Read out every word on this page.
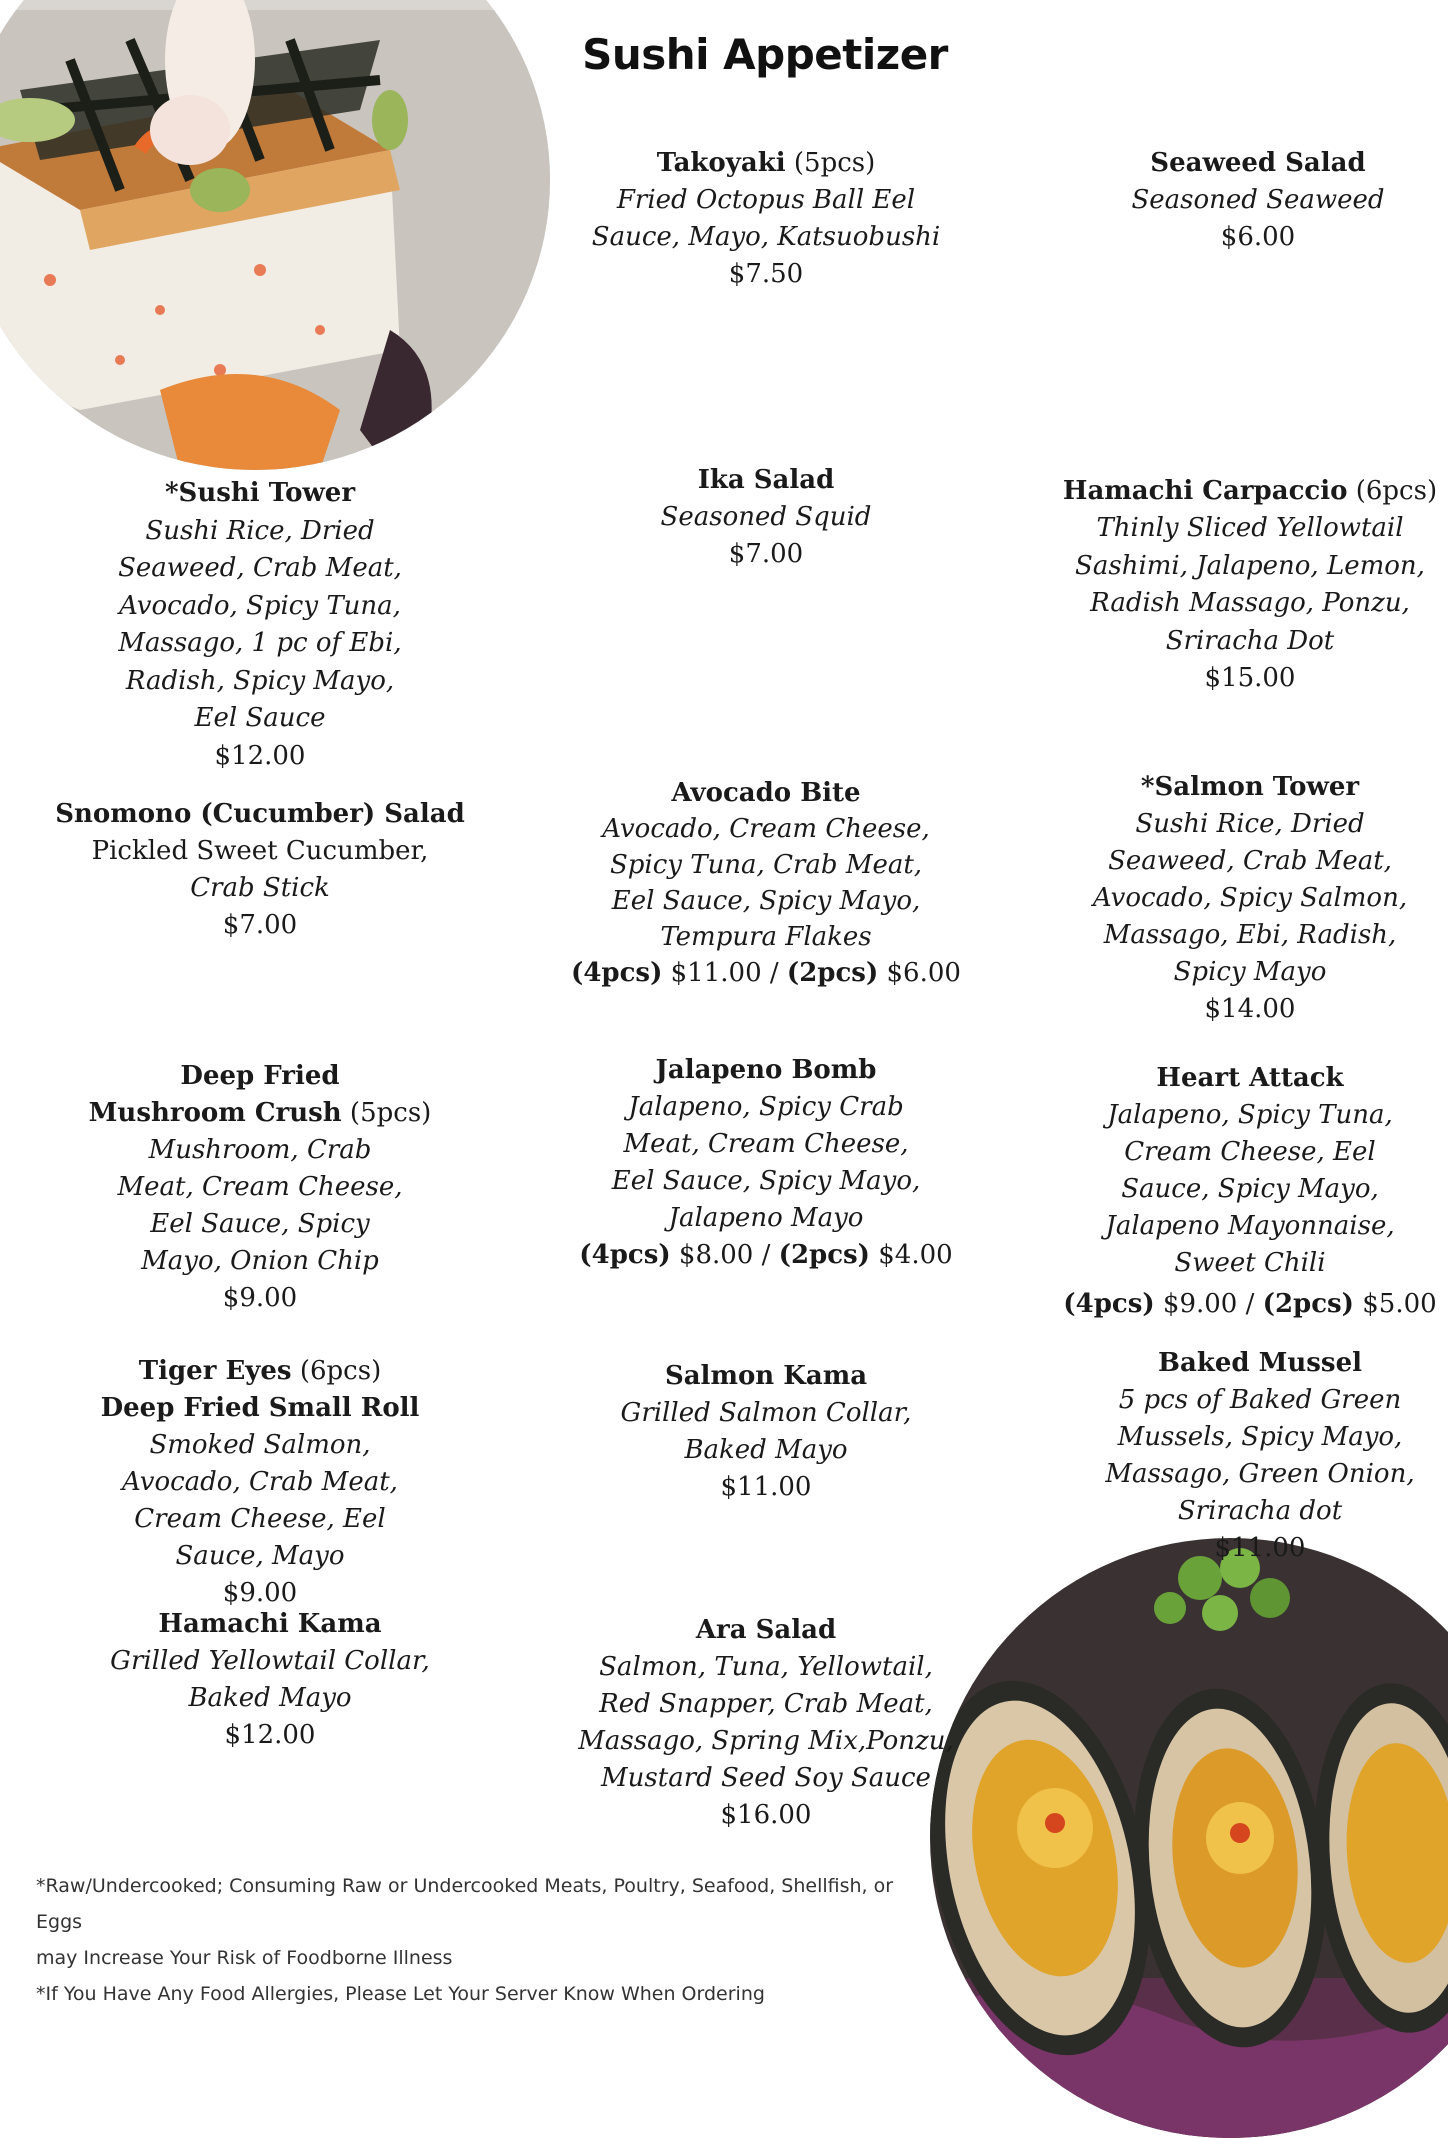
Sushi Appetizer
Takoyaki (5pcs)
Fried Octopus Ball Eel Sauce, Mayo, Katsuobushi
$7.50
Seaweed Salad
Seasoned Seaweed
$6.00
*Sushi Tower
Sushi Rice, Dried Seaweed, Crab Meat, Avocado, Spicy Tuna, Massago, 1 pc of Ebi, Radish, Spicy Mayo, Eel Sauce
$12.00
Ika Salad
Seasoned Squid
$7.00
Hamachi Carpaccio (6pcs)
Thinly Sliced Yellowtail Sashimi, Jalapeno, Lemon, Radish Massago, Ponzu, Sriracha Dot
$15.00
Snomono (Cucumber) Salad
Pickled Sweet Cucumber,
Crab Stick
$7.00
Avocado Bite
Avocado, Cream Cheese, Spicy Tuna, Crab Meat, Eel Sauce, Spicy Mayo, Tempura Flakes
(4pcs) $11.00 / (2pcs) $6.00
*Salmon Tower
Sushi Rice, Dried Seaweed, Crab Meat, Avocado, Spicy Salmon, Massago, Ebi, Radish, Spicy Mayo
$14.00
Deep Fried
Mushroom Crush (5pcs)
Mushroom, Crab Meat, Cream Cheese, Eel Sauce, Spicy Mayo, Onion Chip
$9.00
Jalapeno Bomb
Jalapeno, Spicy Crab Meat, Cream Cheese, Eel Sauce, Spicy Mayo, Jalapeno Mayo
(4pcs) $8.00 / (2pcs) $4.00
Heart Attack
Jalapeno, Spicy Tuna, Cream Cheese, Eel Sauce, Spicy Mayo, Jalapeno Mayonnaise, Sweet Chili
(4pcs) $9.00 / (2pcs) $5.00
Tiger Eyes (6pcs)
Deep Fried Small Roll
Smoked Salmon, Avocado, Crab Meat, Cream Cheese, Eel Sauce, Mayo
$9.00
Salmon Kama
Grilled Salmon Collar, Baked Mayo
$11.00
Baked Mussel
5 pcs of Baked Green Mussels, Spicy Mayo, Massago, Green Onion, Sriracha dot
$11.00
Hamachi Kama
Grilled Yellowtail Collar, Baked Mayo
$12.00
Ara Salad
Salmon, Tuna, Yellowtail, Red Snapper, Crab Meat, Massago, Spring Mix,Ponzu, Mustard Seed Soy Sauce
$16.00

*Raw/Undercooked; Consuming Raw or Undercooked Meats, Poultry, Seafood, Shellfish, or Eggs

may Increase Your Risk of Foodborne Illness

*If You Have Any Food Allergies, Please Let Your Server Know When Ordering
